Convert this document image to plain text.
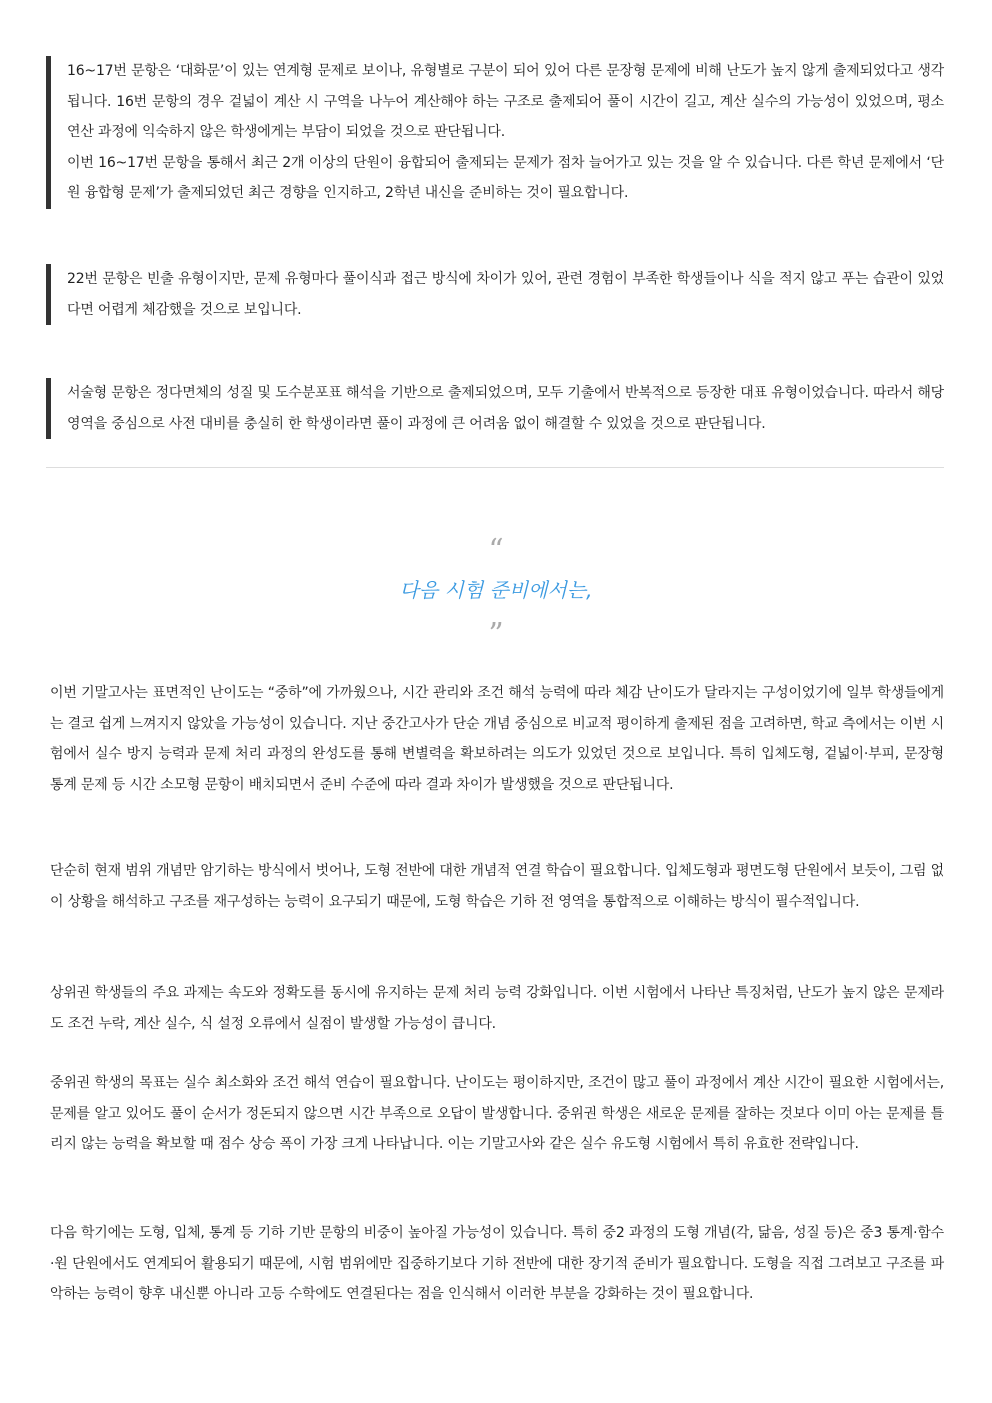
16~17번 문항은 ‘대화문’이 있는 연계형 문제로 보이나, 유형별로 구분이 되어 있어 다른 문장형 문제에 비해 난도가 높지 않게 출제되었다고 생각됩니다. 16번 문항의 경우 겉넓이 계산 시 구역을 나누어 계산해야 하는 구조로 출제되어 풀이 시간이 길고, 계산 실수의 가능성이 있었으며, 평소 연산 과정에 익숙하지 않은 학생에게는 부담이 되었을 것으로 판단됩니다.
이번 16~17번 문항을 통해서 최근 2개 이상의 단원이 융합되어 출제되는 문제가 점차 늘어가고 있는 것을 알 수 있습니다. 다른 학년 문제에서 ‘단원 융합형 문제’가 출제되었던 최근 경향을 인지하고, 2학년 내신을 준비하는 것이 필요합니다.
22번 문항은 빈출 유형이지만, 문제 유형마다 풀이식과 접근 방식에 차이가 있어, 관련 경험이 부족한 학생들이나 식을 적지 않고 푸는 습관이 있었다면 어렵게 체감했을 것으로 보입니다.
서술형 문항은 정다면체의 성질 및 도수분포표 해석을 기반으로 출제되었으며, 모두 기출에서 반복적으로 등장한 대표 유형이었습니다. 따라서 해당 영역을 중심으로 사전 대비를 충실히 한 학생이라면 풀이 과정에 큰 어려움 없이 해결할 수 있었을 것으로 판단됩니다.
“
다음 시험 준비에서는,
”

이번 기말고사는 표면적인 난이도는 “중하”에 가까웠으나, 시간 관리와 조건 해석 능력에 따라 체감 난이도가 달라지는 구성이었기에 일부 학생들에게는 결코 쉽게 느껴지지 않았을 가능성이 있습니다. 지난 중간고사가 단순 개념 중심으로 비교적 평이하게 출제된 점을 고려하면, 학교 측에서는 이번 시험에서 실수 방지 능력과 문제 처리 과정의 완성도를 통해 변별력을 확보하려는 의도가 있었던 것으로 보입니다. 특히 입체도형, 겉넓이·부피, 문장형 통계 문제 등 시간 소모형 문항이 배치되면서 준비 수준에 따라 결과 차이가 발생했을 것으로 판단됩니다.

단순히 현재 범위 개념만 암기하는 방식에서 벗어나, 도형 전반에 대한 개념적 연결 학습이 필요합니다. 입체도형과 평면도형 단원에서 보듯이, 그림 없이 상황을 해석하고 구조를 재구성하는 능력이 요구되기 때문에, 도형 학습은 기하 전 영역을 통합적으로 이해하는 방식이 필수적입니다.

상위권 학생들의 주요 과제는 속도와 정확도를 동시에 유지하는 문제 처리 능력 강화입니다. 이번 시험에서 나타난 특징처럼, 난도가 높지 않은 문제라도 조건 누락, 계산 실수, 식 설정 오류에서 실점이 발생할 가능성이 큽니다.

중위권 학생의 목표는 실수 최소화와 조건 해석 연습이 필요합니다. 난이도는 평이하지만, 조건이 많고 풀이 과정에서 계산 시간이 필요한 시험에서는, 문제를 알고 있어도 풀이 순서가 정돈되지 않으면 시간 부족으로 오답이 발생합니다. 중위권 학생은 새로운 문제를 잘하는 것보다 이미 아는 문제를 틀리지 않는 능력을 확보할 때 점수 상승 폭이 가장 크게 나타납니다. 이는 기말고사와 같은 실수 유도형 시험에서 특히 유효한 전략입니다.

다음 학기에는 도형, 입체, 통계 등 기하 기반 문항의 비중이 높아질 가능성이 있습니다. 특히 중2 과정의 도형 개념(각, 닮음, 성질 등)은 중3 통계·함수·원 단원에서도 연계되어 활용되기 때문에, 시험 범위에만 집중하기보다 기하 전반에 대한 장기적 준비가 필요합니다. 도형을 직접 그려보고 구조를 파악하는 능력이 향후 내신뿐 아니라 고등 수학에도 연결된다는 점을 인식해서 이러한 부분을 강화하는 것이 필요합니다.
